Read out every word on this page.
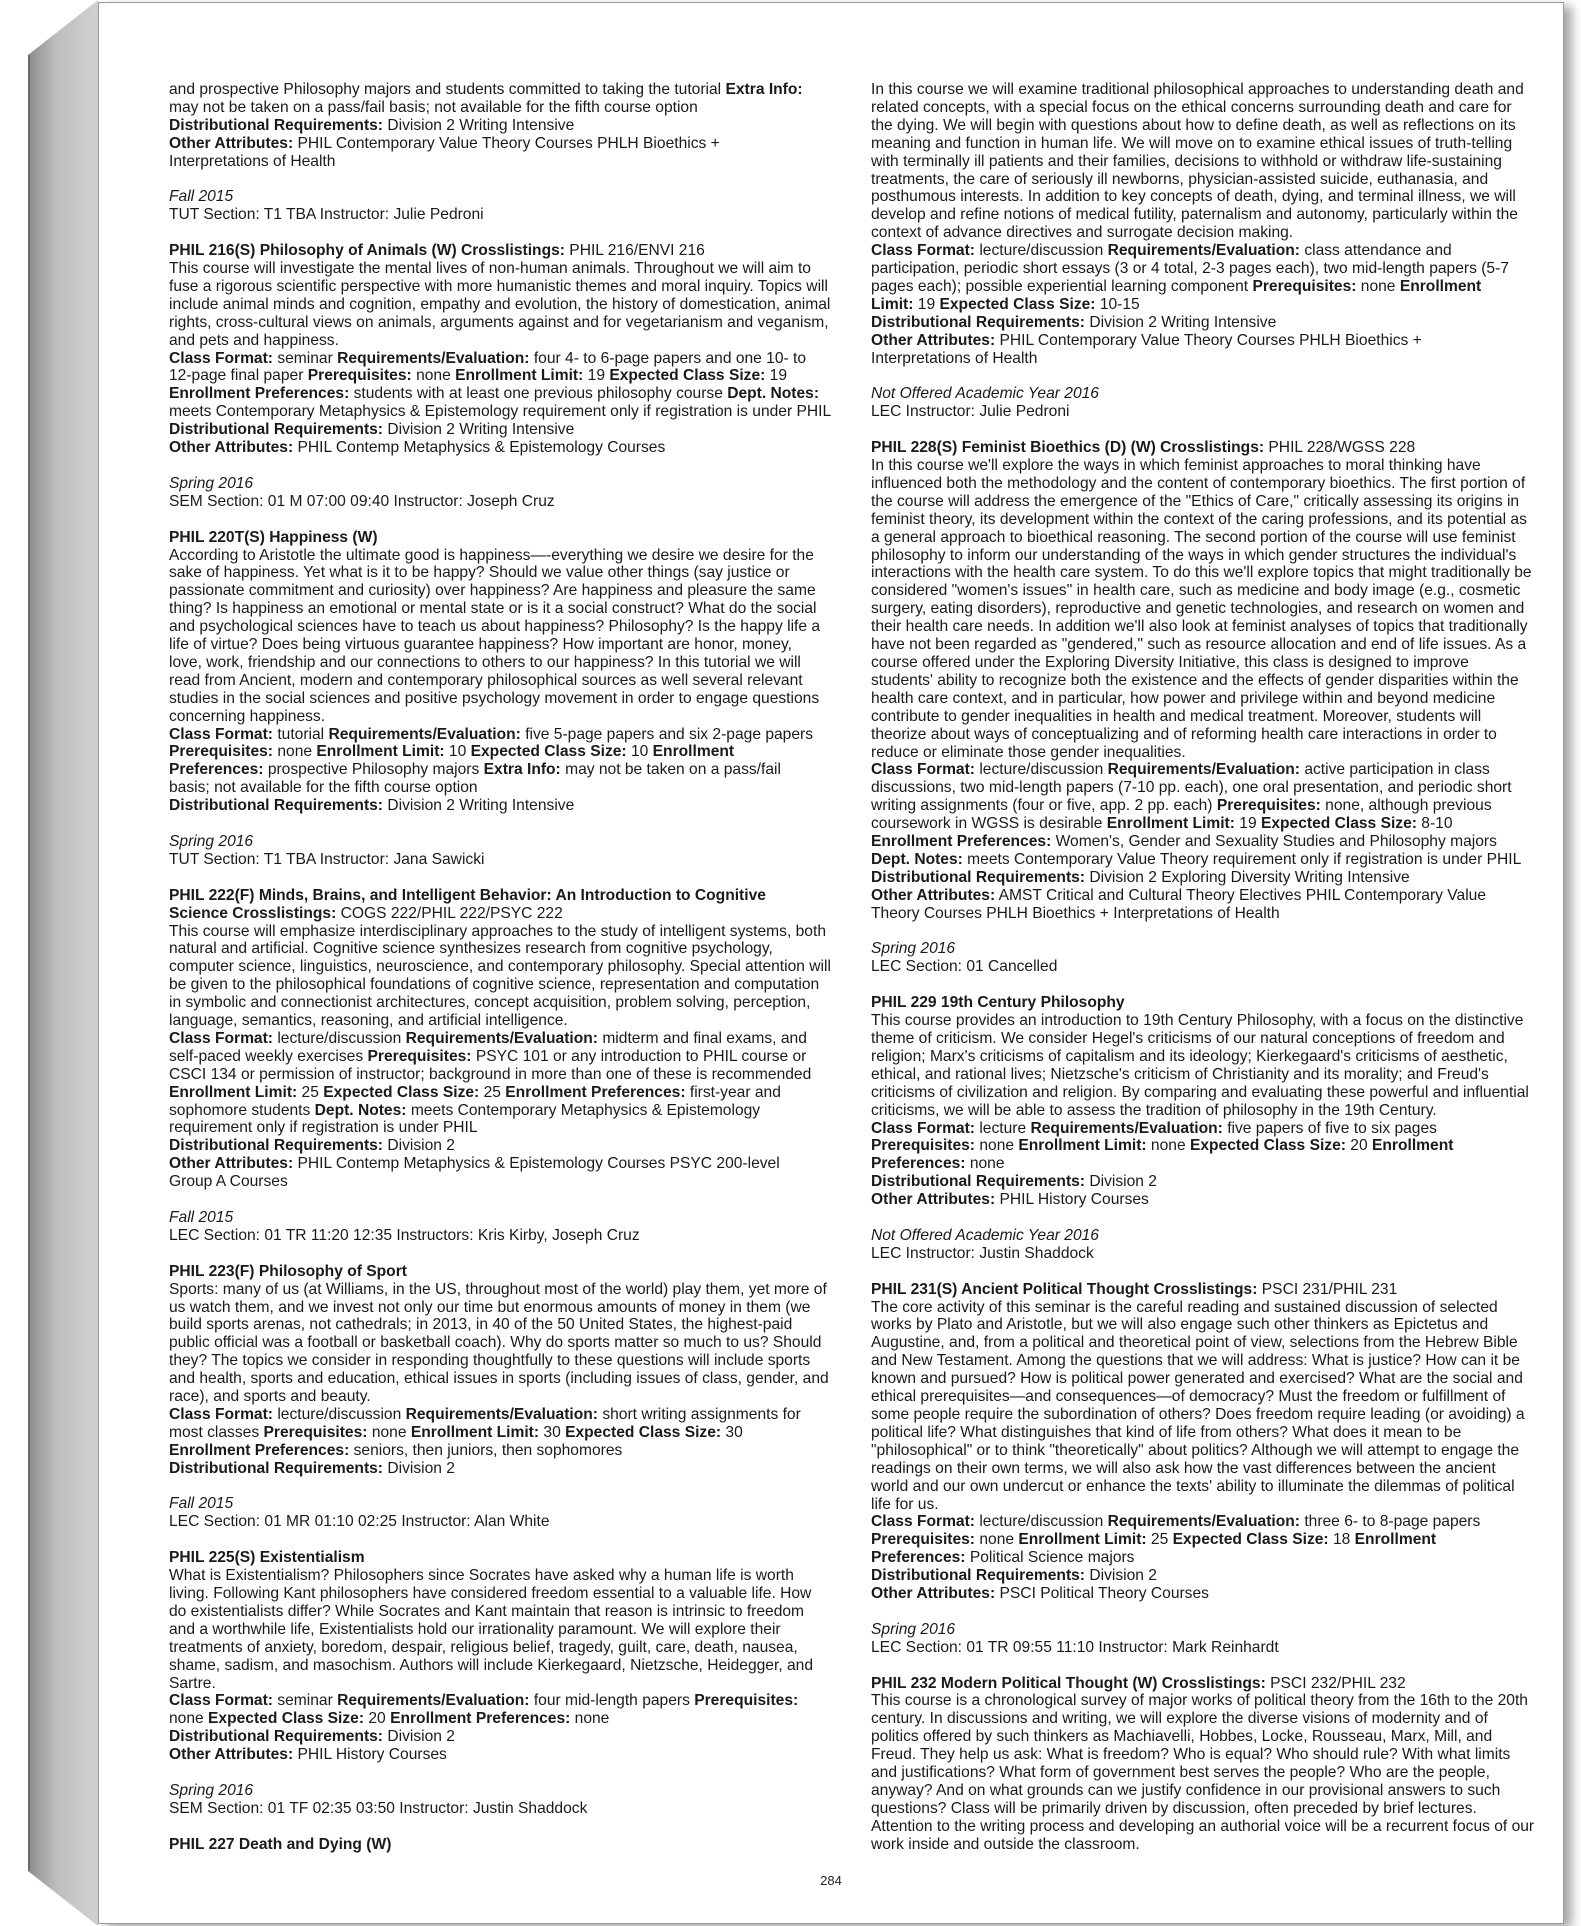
and prospective Philosophy majors and students committed to taking the tutorial Extra Info:
may not be taken on a pass/fail basis; not available for the fifth course option
Distributional Requirements: Division 2 Writing Intensive
Other Attributes: PHIL Contemporary Value Theory Courses PHLH Bioethics +
Interpretations of Health
Fall 2015
TUT Section: T1 TBA Instructor: Julie Pedroni
PHIL 216(S) Philosophy of Animals (W) Crosslistings: PHIL 216/ENVI 216
This course will investigate the mental lives of non-human animals. Throughout we will aim to
fuse a rigorous scientific perspective with more humanistic themes and moral inquiry. Topics will
include animal minds and cognition, empathy and evolution, the history of domestication, animal
rights, cross-cultural views on animals, arguments against and for vegetarianism and veganism,
and pets and happiness.
Class Format: seminar Requirements/Evaluation: four 4- to 6-page papers and one 10- to
12-page final paper Prerequisites: none Enrollment Limit: 19 Expected Class Size: 19
Enrollment Preferences: students with at least one previous philosophy course Dept. Notes:
meets Contemporary Metaphysics & Epistemology requirement only if registration is under PHIL
Distributional Requirements: Division 2 Writing Intensive
Other Attributes: PHIL Contemp Metaphysics & Epistemology Courses
Spring 2016
SEM Section: 01 M 07:00 09:40 Instructor: Joseph Cruz
PHIL 220T(S) Happiness (W)
According to Aristotle the ultimate good is happiness—-everything we desire we desire for the
sake of happiness. Yet what is it to be happy? Should we value other things (say justice or
passionate commitment and curiosity) over happiness? Are happiness and pleasure the same
thing? Is happiness an emotional or mental state or is it a social construct? What do the social
and psychological sciences have to teach us about happiness? Philosophy? Is the happy life a
life of virtue? Does being virtuous guarantee happiness? How important are honor, money,
love, work, friendship and our connections to others to our happiness? In this tutorial we will
read from Ancient, modern and contemporary philosophical sources as well several relevant
studies in the social sciences and positive psychology movement in order to engage questions
concerning happiness.
Class Format: tutorial Requirements/Evaluation: five 5-page papers and six 2-page papers
Prerequisites: none Enrollment Limit: 10 Expected Class Size: 10 Enrollment
Preferences: prospective Philosophy majors Extra Info: may not be taken on a pass/fail
basis; not available for the fifth course option
Distributional Requirements: Division 2 Writing Intensive
Spring 2016
TUT Section: T1 TBA Instructor: Jana Sawicki
PHIL 222(F) Minds, Brains, and Intelligent Behavior: An Introduction to Cognitive
Science Crosslistings: COGS 222/PHIL 222/PSYC 222
This course will emphasize interdisciplinary approaches to the study of intelligent systems, both
natural and artificial. Cognitive science synthesizes research from cognitive psychology,
computer science, linguistics, neuroscience, and contemporary philosophy. Special attention will
be given to the philosophical foundations of cognitive science, representation and computation
in symbolic and connectionist architectures, concept acquisition, problem solving, perception,
language, semantics, reasoning, and artificial intelligence.
Class Format: lecture/discussion Requirements/Evaluation: midterm and final exams, and
self-paced weekly exercises Prerequisites: PSYC 101 or any introduction to PHIL course or
CSCI 134 or permission of instructor; background in more than one of these is recommended
Enrollment Limit: 25 Expected Class Size: 25 Enrollment Preferences: first-year and
sophomore students Dept. Notes: meets Contemporary Metaphysics & Epistemology
requirement only if registration is under PHIL
Distributional Requirements: Division 2
Other Attributes: PHIL Contemp Metaphysics & Epistemology Courses PSYC 200-level
Group A Courses
Fall 2015
LEC Section: 01 TR 11:20 12:35 Instructors: Kris Kirby, Joseph Cruz
PHIL 223(F) Philosophy of Sport
Sports: many of us (at Williams, in the US, throughout most of the world) play them, yet more of
us watch them, and we invest not only our time but enormous amounts of money in them (we
build sports arenas, not cathedrals; in 2013, in 40 of the 50 United States, the highest-paid
public official was a football or basketball coach). Why do sports matter so much to us? Should
they? The topics we consider in responding thoughtfully to these questions will include sports
and health, sports and education, ethical issues in sports (including issues of class, gender, and
race), and sports and beauty.
Class Format: lecture/discussion Requirements/Evaluation: short writing assignments for
most classes Prerequisites: none Enrollment Limit: 30 Expected Class Size: 30
Enrollment Preferences: seniors, then juniors, then sophomores
Distributional Requirements: Division 2
Fall 2015
LEC Section: 01 MR 01:10 02:25 Instructor: Alan White
PHIL 225(S) Existentialism
What is Existentialism? Philosophers since Socrates have asked why a human life is worth
living. Following Kant philosophers have considered freedom essential to a valuable life. How
do existentialists differ? While Socrates and Kant maintain that reason is intrinsic to freedom
and a worthwhile life, Existentialists hold our irrationality paramount. We will explore their
treatments of anxiety, boredom, despair, religious belief, tragedy, guilt, care, death, nausea,
shame, sadism, and masochism. Authors will include Kierkegaard, Nietzsche, Heidegger, and
Sartre.
Class Format: seminar Requirements/Evaluation: four mid-length papers Prerequisites:
none Expected Class Size: 20 Enrollment Preferences: none
Distributional Requirements: Division 2
Other Attributes: PHIL History Courses
Spring 2016
SEM Section: 01 TF 02:35 03:50 Instructor: Justin Shaddock
PHIL 227 Death and Dying (W)
In this course we will examine traditional philosophical approaches to understanding death and
related concepts, with a special focus on the ethical concerns surrounding death and care for
the dying. We will begin with questions about how to define death, as well as reflections on its
meaning and function in human life. We will move on to examine ethical issues of truth-telling
with terminally ill patients and their families, decisions to withhold or withdraw life-sustaining
treatments, the care of seriously ill newborns, physician-assisted suicide, euthanasia, and
posthumous interests. In addition to key concepts of death, dying, and terminal illness, we will
develop and refine notions of medical futility, paternalism and autonomy, particularly within the
context of advance directives and surrogate decision making.
Class Format: lecture/discussion Requirements/Evaluation: class attendance and
participation, periodic short essays (3 or 4 total, 2-3 pages each), two mid-length papers (5-7
pages each); possible experiential learning component Prerequisites: none Enrollment
Limit: 19 Expected Class Size: 10-15
Distributional Requirements: Division 2 Writing Intensive
Other Attributes: PHIL Contemporary Value Theory Courses PHLH Bioethics +
Interpretations of Health
Not Offered Academic Year 2016
LEC Instructor: Julie Pedroni
PHIL 228(S) Feminist Bioethics (D) (W) Crosslistings: PHIL 228/WGSS 228
In this course we'll explore the ways in which feminist approaches to moral thinking have
influenced both the methodology and the content of contemporary bioethics. The first portion of
the course will address the emergence of the "Ethics of Care," critically assessing its origins in
feminist theory, its development within the context of the caring professions, and its potential as
a general approach to bioethical reasoning. The second portion of the course will use feminist
philosophy to inform our understanding of the ways in which gender structures the individual's
interactions with the health care system. To do this we'll explore topics that might traditionally be
considered "women's issues" in health care, such as medicine and body image (e.g., cosmetic
surgery, eating disorders), reproductive and genetic technologies, and research on women and
their health care needs. In addition we'll also look at feminist analyses of topics that traditionally
have not been regarded as "gendered," such as resource allocation and end of life issues. As a
course offered under the Exploring Diversity Initiative, this class is designed to improve
students' ability to recognize both the existence and the effects of gender disparities within the
health care context, and in particular, how power and privilege within and beyond medicine
contribute to gender inequalities in health and medical treatment. Moreover, students will
theorize about ways of conceptualizing and of reforming health care interactions in order to
reduce or eliminate those gender inequalities.
Class Format: lecture/discussion Requirements/Evaluation: active participation in class
discussions, two mid-length papers (7-10 pp. each), one oral presentation, and periodic short
writing assignments (four or five, app. 2 pp. each) Prerequisites: none, although previous
coursework in WGSS is desirable Enrollment Limit: 19 Expected Class Size: 8-10
Enrollment Preferences: Women's, Gender and Sexuality Studies and Philosophy majors
Dept. Notes: meets Contemporary Value Theory requirement only if registration is under PHIL
Distributional Requirements: Division 2 Exploring Diversity Writing Intensive
Other Attributes: AMST Critical and Cultural Theory Electives PHIL Contemporary Value
Theory Courses PHLH Bioethics + Interpretations of Health
Spring 2016
LEC Section: 01 Cancelled
PHIL 229 19th Century Philosophy
This course provides an introduction to 19th Century Philosophy, with a focus on the distinctive
theme of criticism. We consider Hegel's criticisms of our natural conceptions of freedom and
religion; Marx's criticisms of capitalism and its ideology; Kierkegaard's criticisms of aesthetic,
ethical, and rational lives; Nietzsche's criticism of Christianity and its morality; and Freud's
criticisms of civilization and religion. By comparing and evaluating these powerful and influential
criticisms, we will be able to assess the tradition of philosophy in the 19th Century.
Class Format: lecture Requirements/Evaluation: five papers of five to six pages
Prerequisites: none Enrollment Limit: none Expected Class Size: 20 Enrollment
Preferences: none
Distributional Requirements: Division 2
Other Attributes: PHIL History Courses
Not Offered Academic Year 2016
LEC Instructor: Justin Shaddock
PHIL 231(S) Ancient Political Thought Crosslistings: PSCI 231/PHIL 231
The core activity of this seminar is the careful reading and sustained discussion of selected
works by Plato and Aristotle, but we will also engage such other thinkers as Epictetus and
Augustine, and, from a political and theoretical point of view, selections from the Hebrew Bible
and New Testament. Among the questions that we will address: What is justice? How can it be
known and pursued? How is political power generated and exercised? What are the social and
ethical prerequisites—and consequences—of democracy? Must the freedom or fulfillment of
some people require the subordination of others? Does freedom require leading (or avoiding) a
political life? What distinguishes that kind of life from others? What does it mean to be
"philosophical" or to think "theoretically" about politics? Although we will attempt to engage the
readings on their own terms, we will also ask how the vast differences between the ancient
world and our own undercut or enhance the texts' ability to illuminate the dilemmas of political
life for us.
Class Format: lecture/discussion Requirements/Evaluation: three 6- to 8-page papers
Prerequisites: none Enrollment Limit: 25 Expected Class Size: 18 Enrollment
Preferences: Political Science majors
Distributional Requirements: Division 2
Other Attributes: PSCI Political Theory Courses
Spring 2016
LEC Section: 01 TR 09:55 11:10 Instructor: Mark Reinhardt
PHIL 232 Modern Political Thought (W) Crosslistings: PSCI 232/PHIL 232
This course is a chronological survey of major works of political theory from the 16th to the 20th
century. In discussions and writing, we will explore the diverse visions of modernity and of
politics offered by such thinkers as Machiavelli, Hobbes, Locke, Rousseau, Marx, Mill, and
Freud. They help us ask: What is freedom? Who is equal? Who should rule? With what limits
and justifications? What form of government best serves the people? Who are the people,
anyway? And on what grounds can we justify confidence in our provisional answers to such
questions? Class will be primarily driven by discussion, often preceded by brief lectures.
Attention to the writing process and developing an authorial voice will be a recurrent focus of our
work inside and outside the classroom.
284
